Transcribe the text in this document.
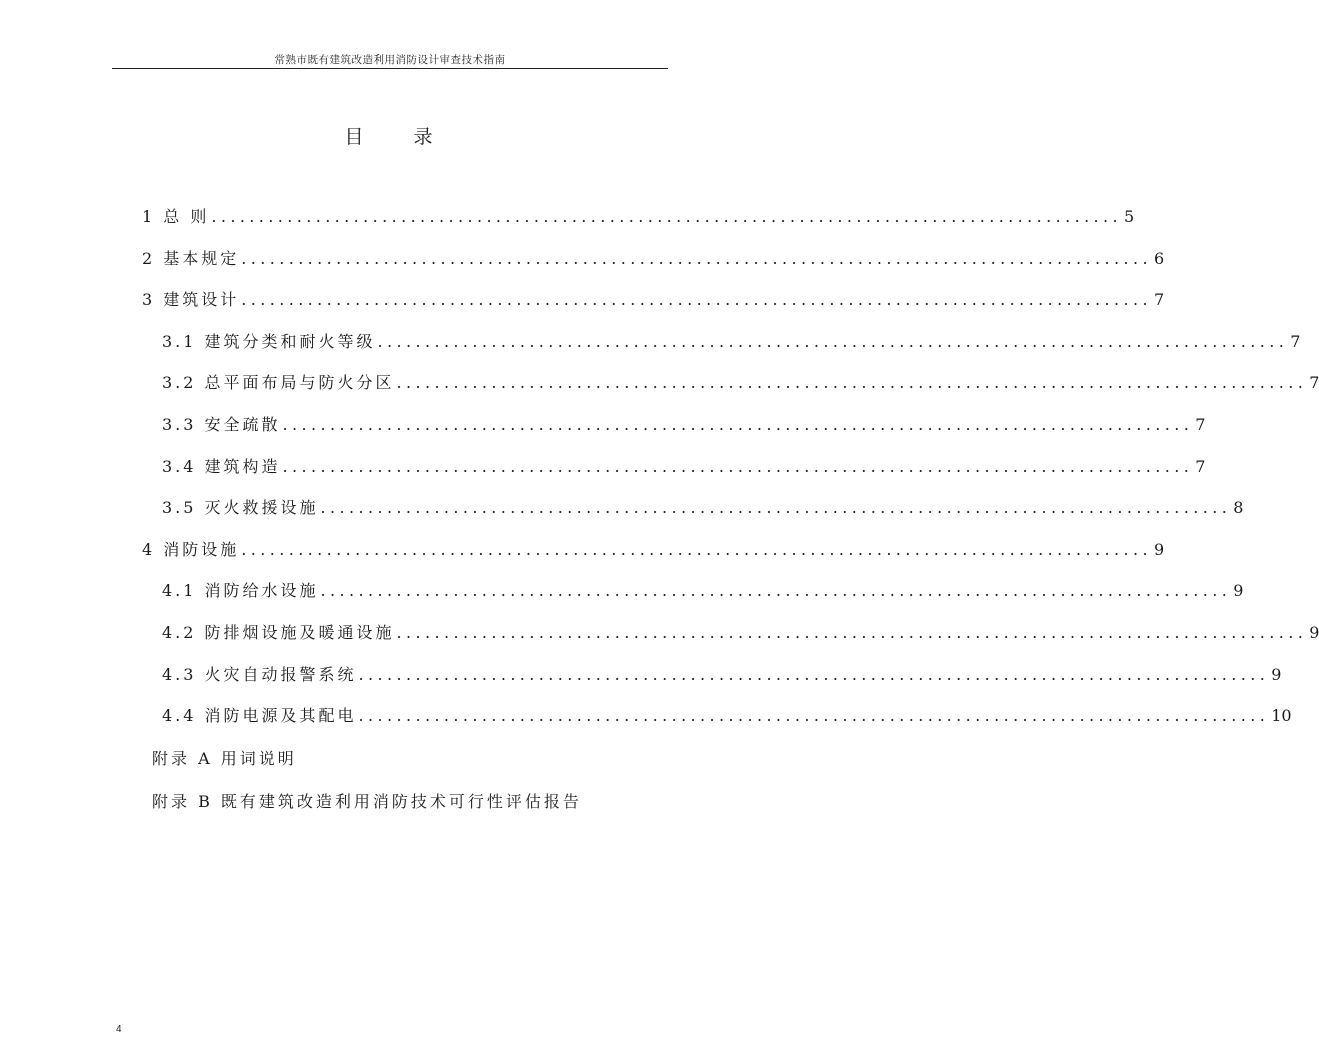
常熟市既有建筑改造利用消防设计审查技术指南
目	录
1 总 则 ................................................................................................ 5
2 基本规定 ................................................................................................ 6
3 建筑设计 ................................................................................................ 7
3.1 建筑分类和耐火等级 ................................................................................................ 7
3.2 总平面布局与防火分区 ................................................................................................ 7
3.3 安全疏散 ................................................................................................ 7
3.4 建筑构造 ................................................................................................ 7
3.5 灭火救援设施 ................................................................................................ 8
4 消防设施 ................................................................................................ 9
4.1 消防给水设施 ................................................................................................ 9
4.2 防排烟设施及暖通设施 ................................................................................................ 9
4.3 火灾自动报警系统 ................................................................................................ 9
4.4 消防电源及其配电 ................................................................................................ 10
附录 A 用词说明
附录 B 既有建筑改造利用消防技术可行性评估报告
4
